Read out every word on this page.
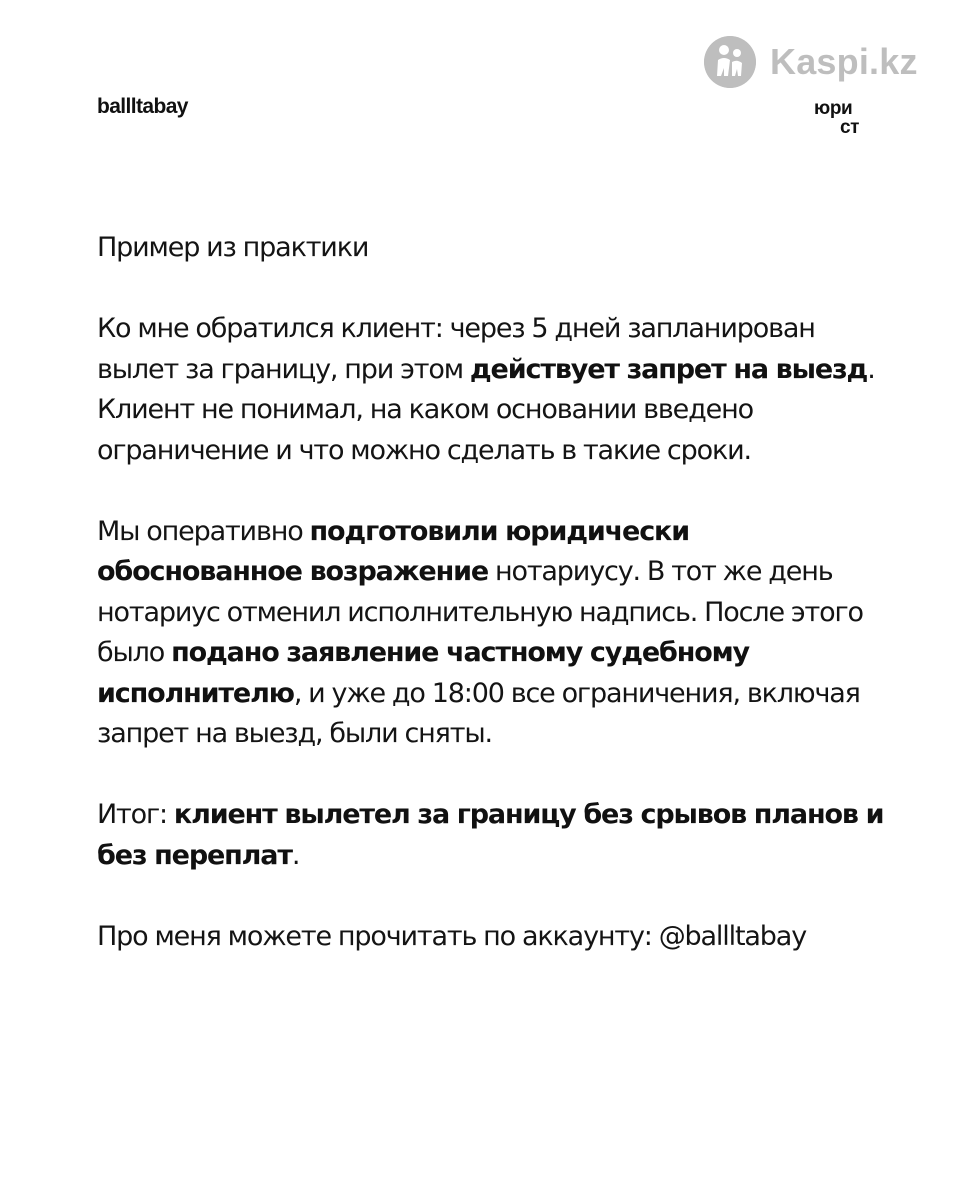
Kaspi.kz
ballltabay	юри
ст

Пример из практики

Ко мне обратился клиент: через 5 дней запланирован вылет за границу, при этом действует запрет на выезд. Клиент не понимал, на каком основании введено ограничение и что можно сделать в такие сроки.

Мы оперативно подготовили юридически обоснованное возражение нотариусу. В тот же день нотариус отменил исполнительную надпись. После этого было подано заявление частному судебному исполнителю, и уже до 18:00 все ограничения, включая запрет на выезд, были сняты.

Итог: клиент вылетел за границу без срывов планов и без переплат.

Про меня можете прочитать по аккаунту: @ballltabay
